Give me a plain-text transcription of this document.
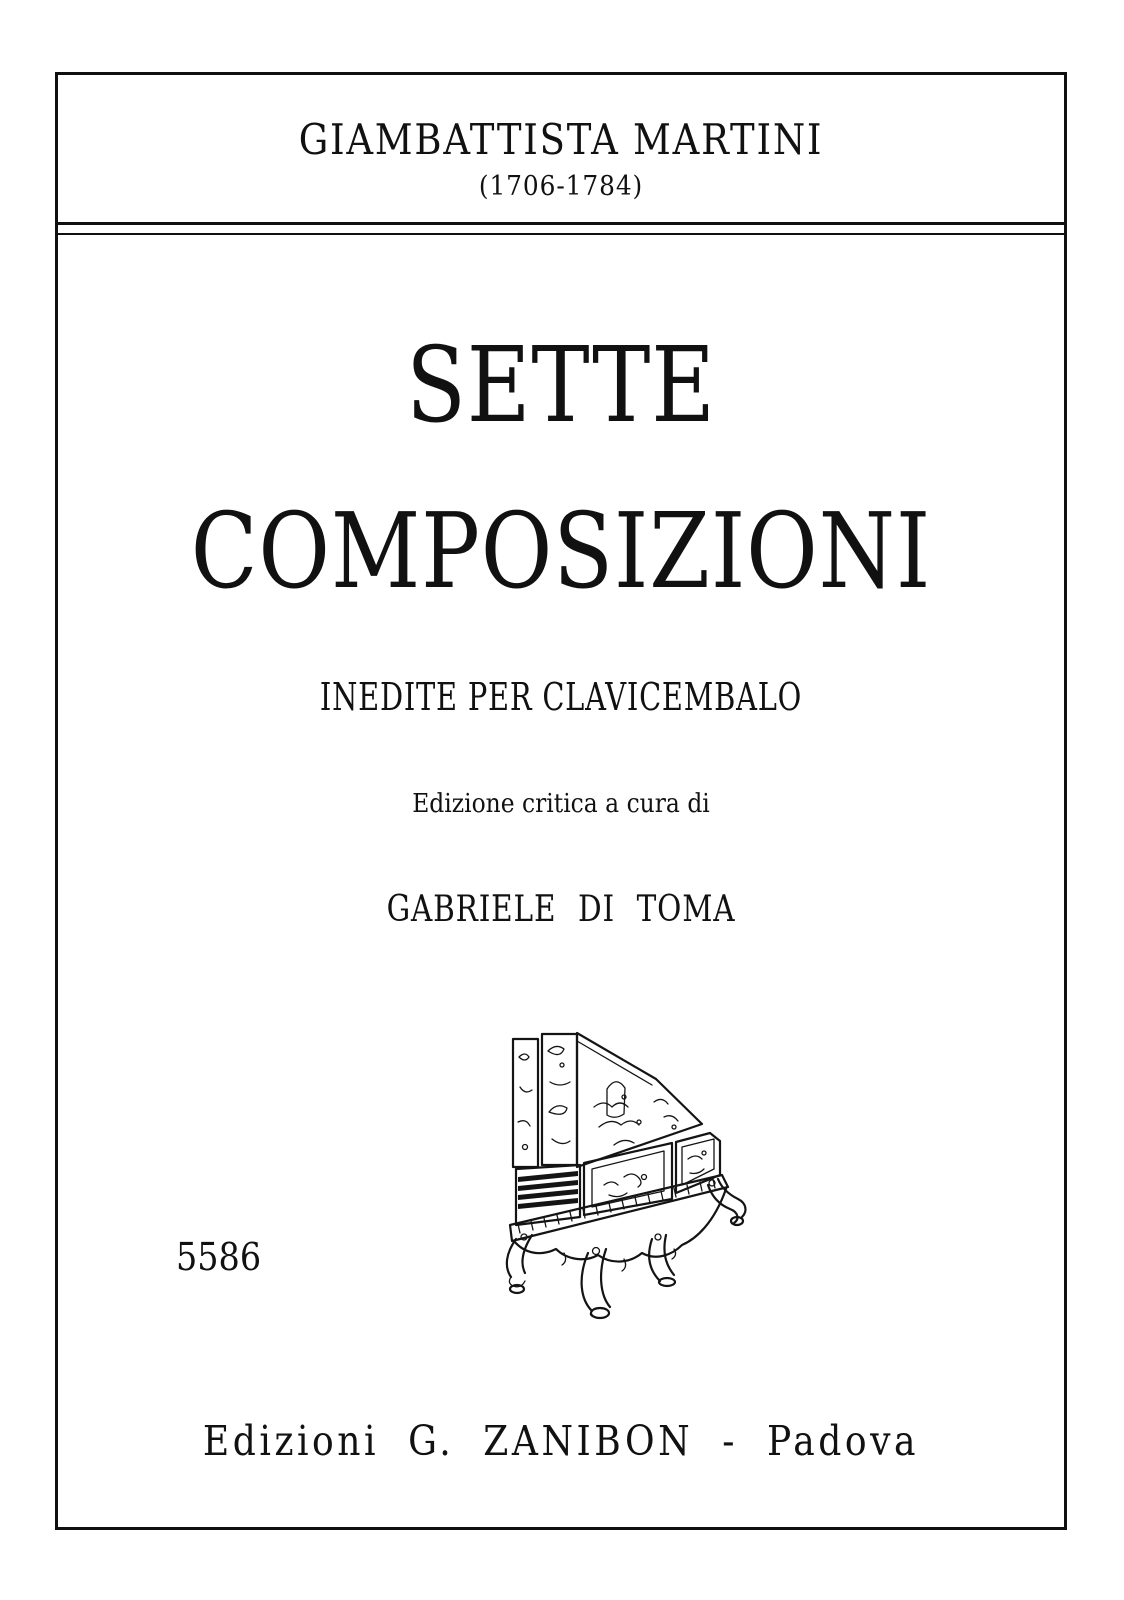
GIAMBATTISTA MARTINI
(1706-1784)
SETTE
COMPOSIZIONI
INEDITE PER CLAVICEMBALO
Edizione critica a cura di
GABRIELE DI TOMA
5586
Edizioni G. ZANIBON - Padova
